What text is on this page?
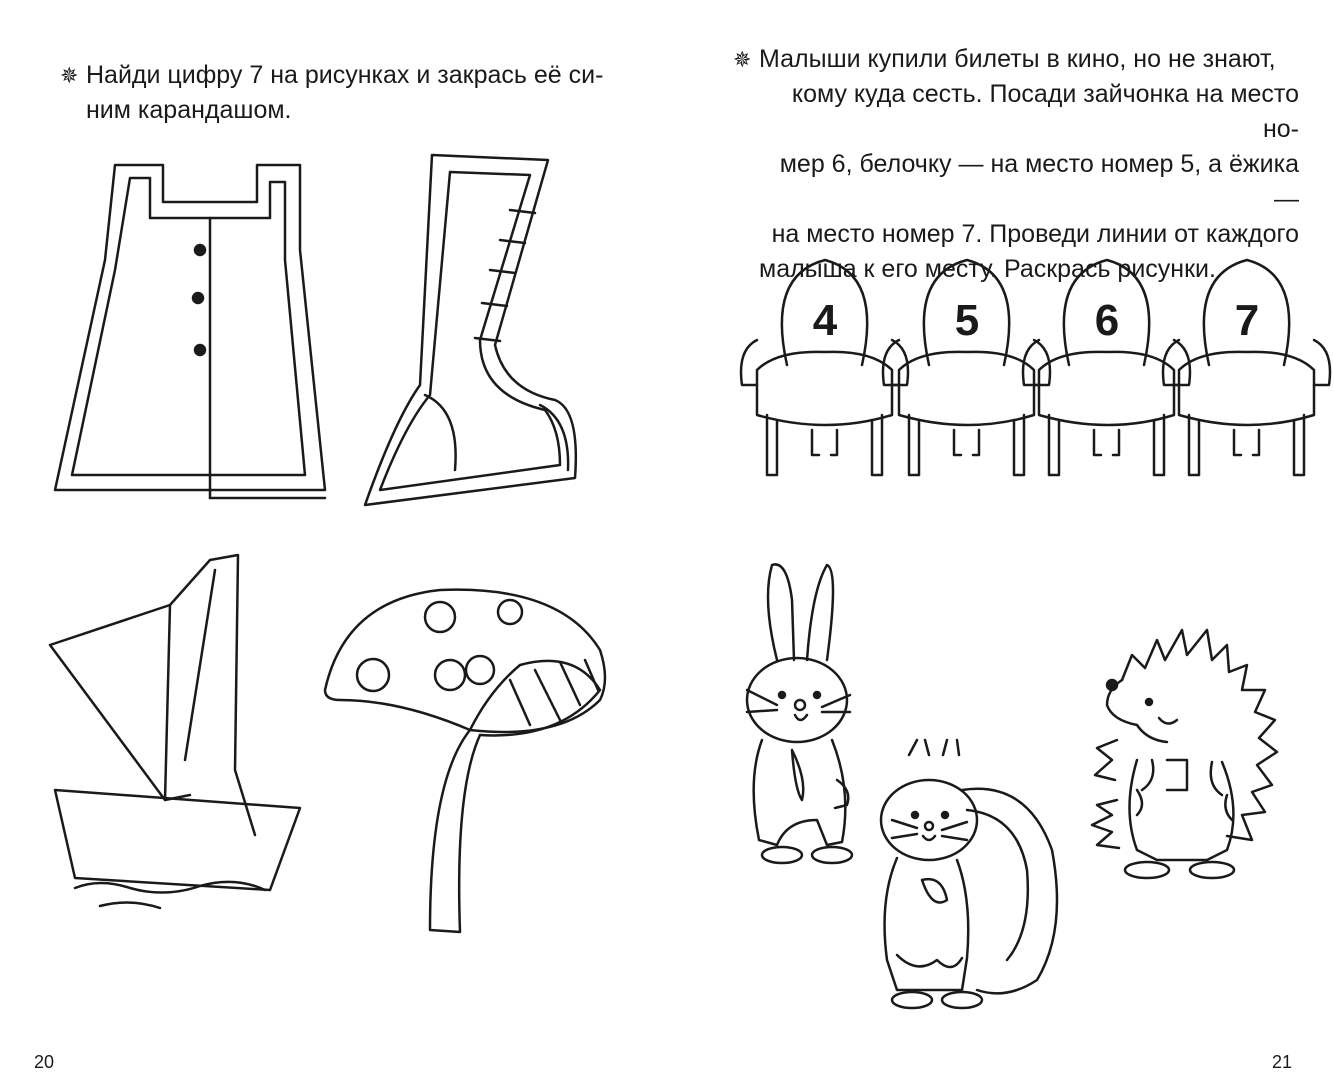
✵ Найди цифру 7 на рисунках и закрась её си-
ним карандашом.
20
✵ Малыши купили билеты в кино, но не знают,
кому куда сесть. Посади зайчонка на место но-
мер 6, белочку — на место номер 5, а ёжика —
на место номер 7. Проведи линии от каждого
малыша к его месту. Раскрась рисунки.
4	5	6	7
21
